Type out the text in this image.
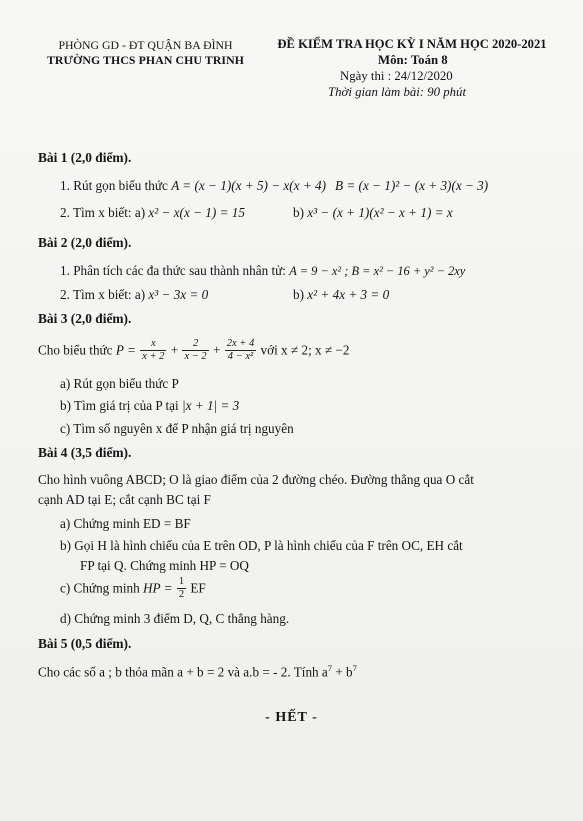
PHÒNG GD - ĐT QUẬN BA ĐÌNH
TRƯỜNG THCS PHAN CHU TRINH
ĐỀ KIỂM TRA HỌC KỲ I NĂM HỌC 2020-2021
Môn: Toán 8
Ngày thi : 24/12/2020
Thời gian làm bài: 90 phút
Bài 1 (2,0 điểm).
1. Rút gọn biểu thức A = (x − 1)(x + 5) − x(x + 4) B = (x − 1)² − (x + 3)(x − 3)
2. Tìm x biết: a) x² − x(x − 1) = 15	b) x³ − (x + 1)(x² − x + 1) = x
Bài 2 (2,0 điểm).
1. Phân tích các đa thức sau thành nhân tử: A = 9 − x² ; B = x² − 16 + y² − 2xy
2. Tìm x biết: a) x³ − 3x = 0	b) x² + 4x + 3 = 0
Bài 3 (2,0 điểm).
Cho biểu thức $P = \frac{x}{x + 2} + \frac{2}{x - 2} + \frac{2x + 4}{\text{4 − x²}}$ với x ≠ 2; x ≠ −2
a) Rút gọn biểu thức P
b) Tìm giá trị của P tại |x + 1| = 3
c) Tìm số nguyên x để P nhận giá trị nguyên
Bài 4 (3,5 điểm).
Cho hình vuông ABCD; O là giao điểm của 2 đường chéo. Đường thẳng qua O cắt
cạnh AD tại E; cắt cạnh BC tại F
a) Chứng minh ED = BF
b) Gọi H là hình chiếu của E trên OD, P là hình chiếu của F trên OC, EH cắt
FP tại Q. Chứng minh HP = OQ
c) Chứng minh HP = $\frac{1}{2}$ EF
d) Chứng minh 3 điểm D, Q, C thẳng hàng.
Bài 5 (0,5 điểm).
Cho các số a ; b thỏa mãn a + b = 2 và a.b = - 2. Tính $a^7 + b^7$
- HẾT -
